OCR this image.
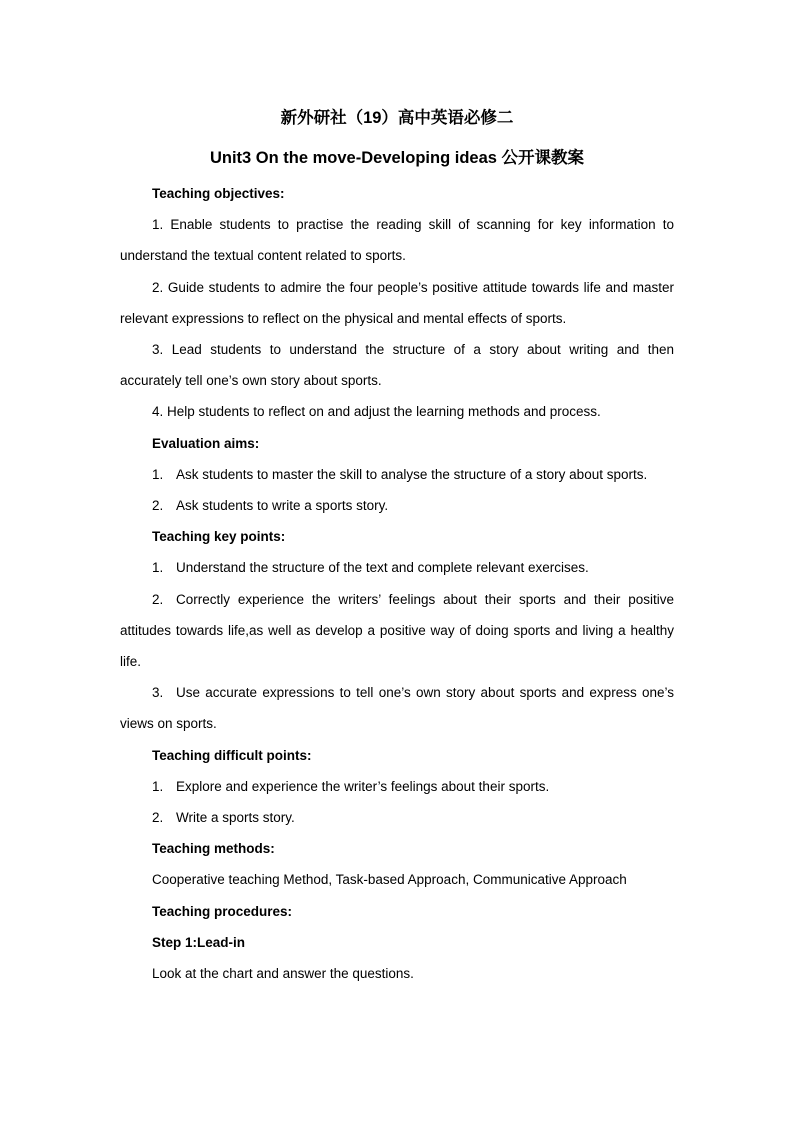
新外研社（19）高中英语必修二

Unit3 On the move-Developing ideas 公开课教案

Teaching objectives:

1. Enable students to practise the reading skill of scanning for key information to understand the textual content related to sports.

2. Guide students to admire the four people’s positive attitude towards life and master relevant expressions to reflect on the physical and mental effects of sports.

3. Lead students to understand the structure of a story about writing and then accurately tell one’s own story about sports.

4. Help students to reflect on and adjust the learning methods and process.

Evaluation aims:

1. Ask students to master the skill to analyse the structure of a story about sports.

2. Ask students to write a sports story.

Teaching key points:

1. Understand the structure of the text and complete relevant exercises.

2. Correctly experience the writers’ feelings about their sports and their positive attitudes towards life,as well as develop a positive way of doing sports and living a healthy life.

3. Use accurate expressions to tell one’s own story about sports and express one’s views on sports.

Teaching difficult points:

1. Explore and experience the writer’s feelings about their sports.

2. Write a sports story.

Teaching methods:

Cooperative teaching Method, Task-based Approach, Communicative Approach

Teaching procedures:

Step 1:Lead-in

Look at the chart and answer the questions.
